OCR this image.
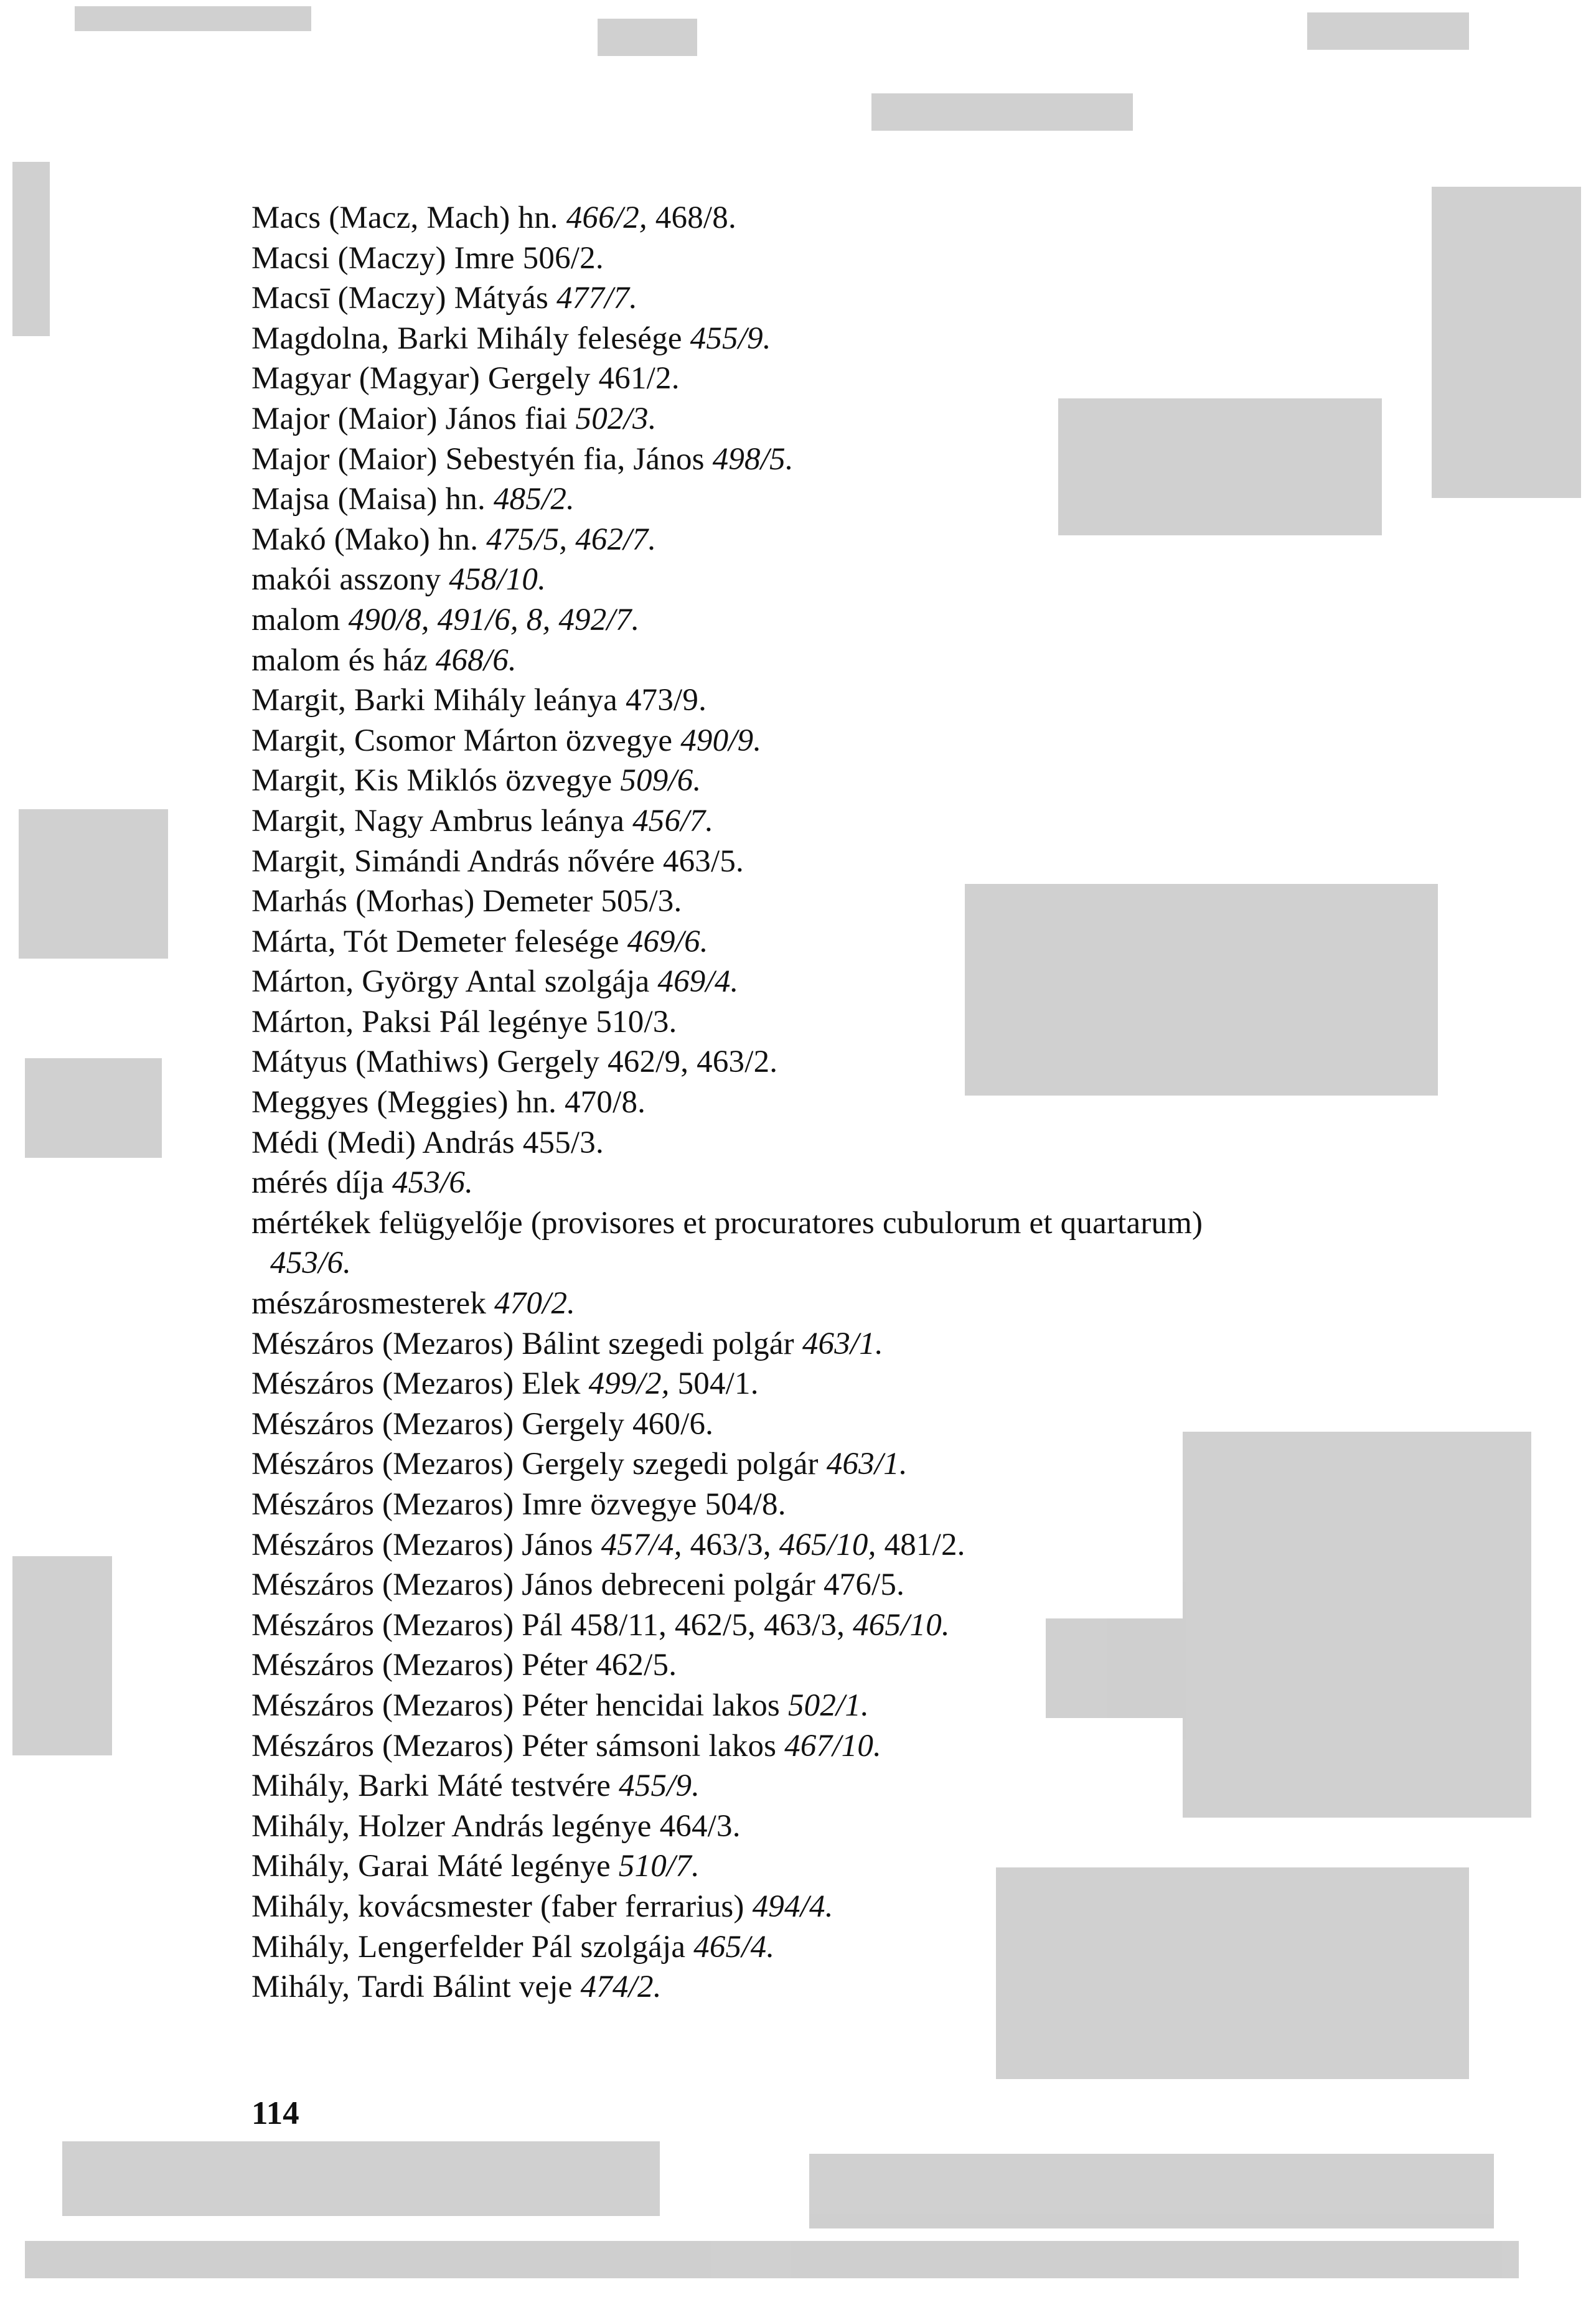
Macs (Macz, Mach) hn. 466/2, 468/8.
Macsi (Maczy) Imre 506/2.
Macsī (Maczy) Mátyás 477/7.
Magdolna, Barki Mihály felesége 455/9.
Magyar (Magyar) Gergely 461/2.
Major (Maior) János fiai 502/3.
Major (Maior) Sebestyén fia, János 498/5.
Majsa (Maisa) hn. 485/2.
Makó (Mako) hn. 475/5, 462/7.
makói asszony 458/10.
malom 490/8, 491/6, 8, 492/7.
malom és ház 468/6.
Margit, Barki Mihály leánya 473/9.
Margit, Csomor Márton özvegye 490/9.
Margit, Kis Miklós özvegye 509/6.
Margit, Nagy Ambrus leánya 456/7.
Margit, Simándi András nővére 463/5.
Marhás (Morhas) Demeter 505/3.
Márta, Tót Demeter felesége 469/6.
Márton, György Antal szolgája 469/4.
Márton, Paksi Pál legénye 510/3.
Mátyus (Mathiws) Gergely 462/9, 463/2.
Meggyes (Meggies) hn. 470/8.
Médi (Medi) András 455/3.
mérés díja 453/6.
mértékek felügyelője (provisores et procuratores cubulorum et quartarum)
453/6.
mészárosmesterek 470/2.
Mészáros (Mezaros) Bálint szegedi polgár 463/1.
Mészáros (Mezaros) Elek 499/2, 504/1.
Mészáros (Mezaros) Gergely 460/6.
Mészáros (Mezaros) Gergely szegedi polgár 463/1.
Mészáros (Mezaros) Imre özvegye 504/8.
Mészáros (Mezaros) János 457/4, 463/3, 465/10, 481/2.
Mészáros (Mezaros) János debreceni polgár 476/5.
Mészáros (Mezaros) Pál 458/11, 462/5, 463/3, 465/10.
Mészáros (Mezaros) Péter 462/5.
Mészáros (Mezaros) Péter hencidai lakos 502/1.
Mészáros (Mezaros) Péter sámsoni lakos 467/10.
Mihály, Barki Máté testvére 455/9.
Mihály, Holzer András legénye 464/3.
Mihály, Garai Máté legénye 510/7.
Mihály, kovácsmester (faber ferrarius) 494/4.
Mihály, Lengerfelder Pál szolgája 465/4.
Mihály, Tardi Bálint veje 474/2.

114
